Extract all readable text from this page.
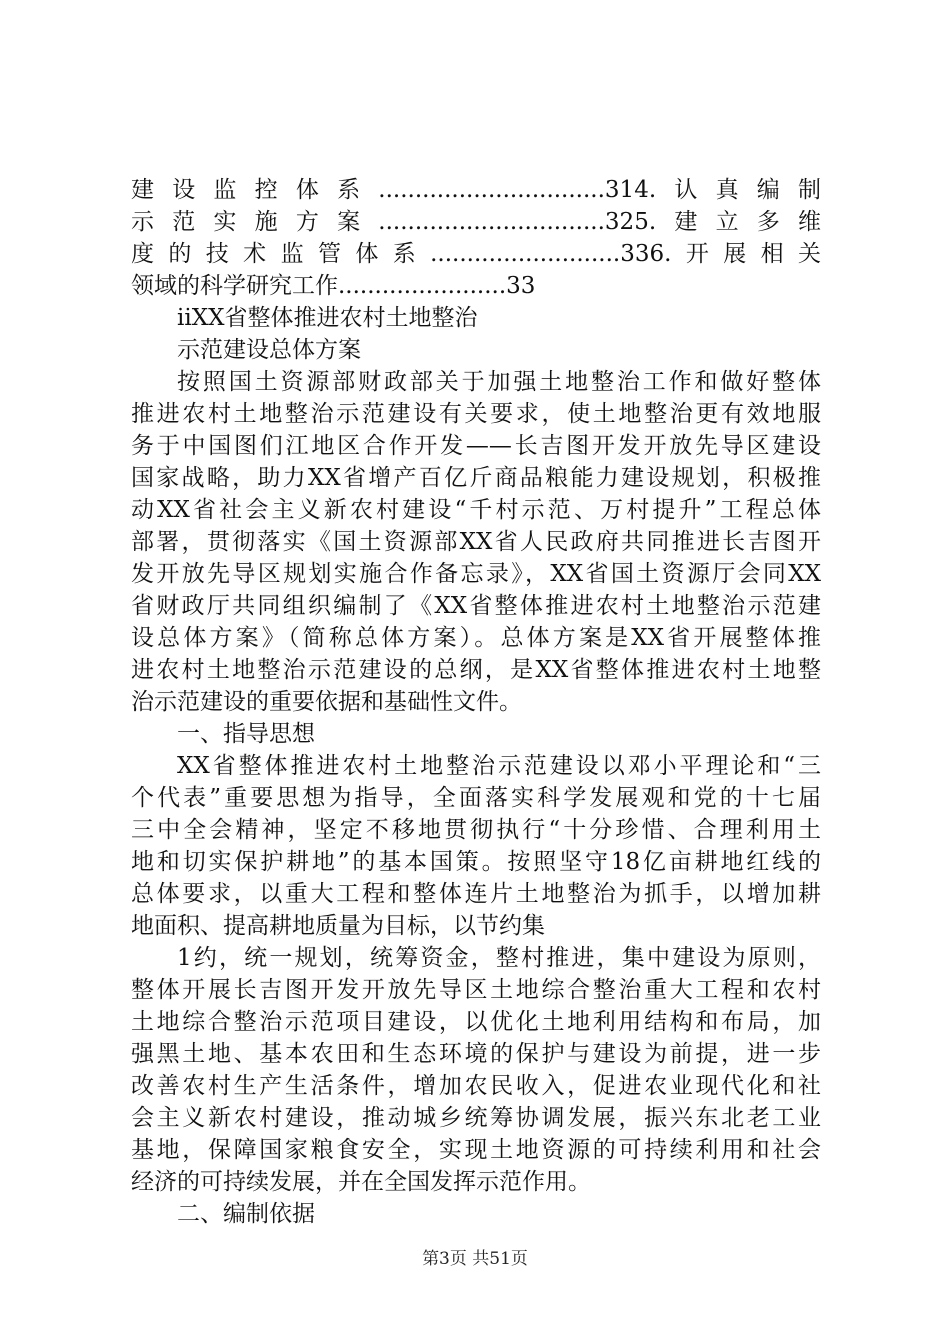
建设监控体系...............................314.认真编制
示范实施方案...............................325.建立多维
度的技术监管体系..........................336.开展相关
领域的科学研究工作.......................33
iiXX省整体推进农村土地整治
示范建设总体方案
按照国土资源部财政部关于加强土地整治工作和做好整体
推进农村土地整治示范建设有关要求，使土地整治更有效地服
务于中国图们江地区合作开发——长吉图开发开放先导区建设
国家战略，助力XX省增产百亿斤商品粮能力建设规划，积极推
动XX省社会主义新农村建设“千村示范、万村提升”工程总体
部署，贯彻落实《国土资源部XX省人民政府共同推进长吉图开
发开放先导区规划实施合作备忘录》，XX省国土资源厅会同XX
省财政厅共同组织编制了《XX省整体推进农村土地整治示范建
设总体方案》（简称总体方案）。总体方案是XX省开展整体推
进农村土地整治示范建设的总纲，是XX省整体推进农村土地整
治示范建设的重要依据和基础性文件。
一、指导思想
XX省整体推进农村土地整治示范建设以邓小平理论和“三
个代表”重要思想为指导，全面落实科学发展观和党的十七届
三中全会精神，坚定不移地贯彻执行“十分珍惜、合理利用土
地和切实保护耕地”的基本国策。按照坚守18亿亩耕地红线的
总体要求，以重大工程和整体连片土地整治为抓手，以增加耕
地面积、提高耕地质量为目标，以节约集
1约，统一规划，统筹资金，整村推进，集中建设为原则，
整体开展长吉图开发开放先导区土地综合整治重大工程和农村
土地综合整治示范项目建设，以优化土地利用结构和布局，加
强黑土地、基本农田和生态环境的保护与建设为前提，进一步
改善农村生产生活条件，增加农民收入，促进农业现代化和社
会主义新农村建设，推动城乡统筹协调发展，振兴东北老工业
基地，保障国家粮食安全，实现土地资源的可持续利用和社会
经济的可持续发展，并在全国发挥示范作用。
二、编制依据
第3页 共51页
